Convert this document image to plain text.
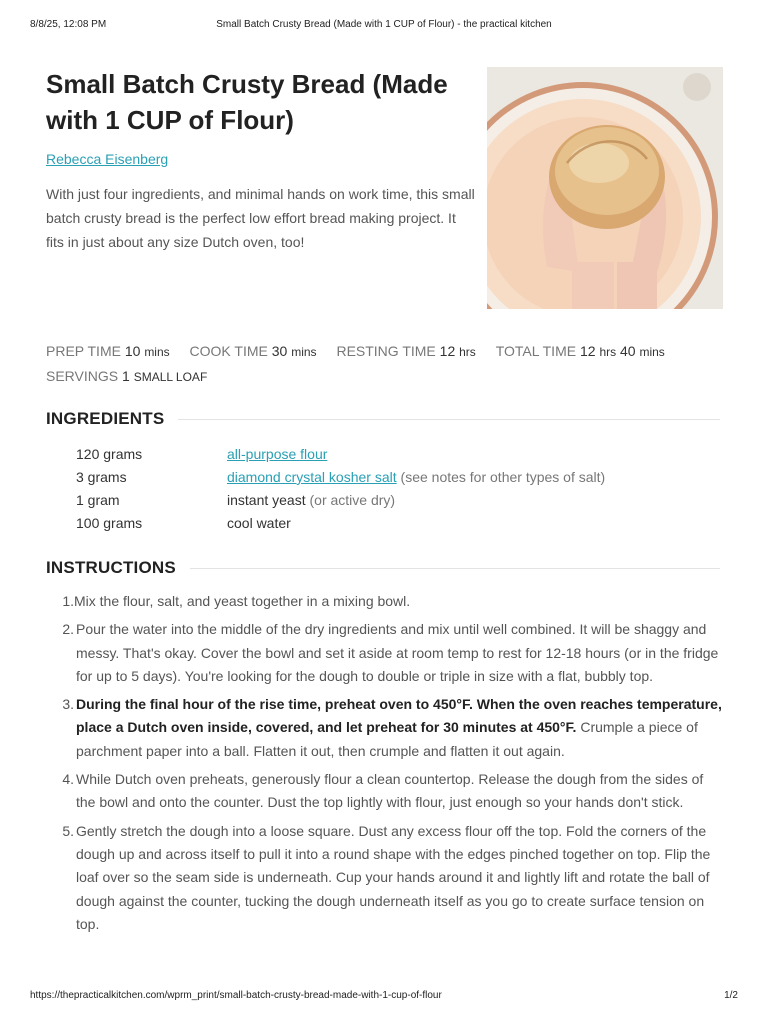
8/8/25, 12:08 PM	Small Batch Crusty Bread (Made with 1 CUP of Flour) - the practical kitchen
Small Batch Crusty Bread (Made with 1 CUP of Flour)
Rebecca Eisenberg

With just four ingredients, and minimal hands on work time, this small batch crusty bread is the perfect low effort bread making project. It fits in just about any size Dutch oven, too!

PREP TIME 10 mins COOK TIME 30 mins RESTING TIME 12 hrs TOTAL TIME 12 hrs 40 mins
SERVINGS 1 SMALL LOAF
INGREDIENTS
120 grams	all-purpose flour
3 grams	diamond crystal kosher salt (see notes for other types of salt)
1 gram	instant yeast (or active dry)
100 grams	cool water
INSTRUCTIONS
1. Mix the flour, salt, and yeast together in a mixing bowl.
2. Pour the water into the middle of the dry ingredients and mix until well combined. It will be shaggy and messy. That's okay. Cover the bowl and set it aside at room temp to rest for 12-18 hours (or in the fridge for up to 5 days). You're looking for the dough to double or triple in size with a flat, bubbly top.
3. During the final hour of the rise time, preheat oven to 450°F. When the oven reaches temperature, place a Dutch oven inside, covered, and let preheat for 30 minutes at 450°F. Crumple a piece of parchment paper into a ball. Flatten it out, then crumple and flatten it out again.
4. While Dutch oven preheats, generously flour a clean countertop. Release the dough from the sides of the bowl and onto the counter. Dust the top lightly with flour, just enough so your hands don't stick.
5. Gently stretch the dough into a loose square. Dust any excess flour off the top. Fold the corners of the dough up and across itself to pull it into a round shape with the edges pinched together on top. Flip the loaf over so the seam side is underneath. Cup your hands around it and lightly lift and rotate the ball of dough against the counter, tucking the dough underneath itself as you go to create surface tension on top.
https://thepracticalkitchen.com/wprm_print/small-batch-crusty-bread-made-with-1-cup-of-flour	1/2
